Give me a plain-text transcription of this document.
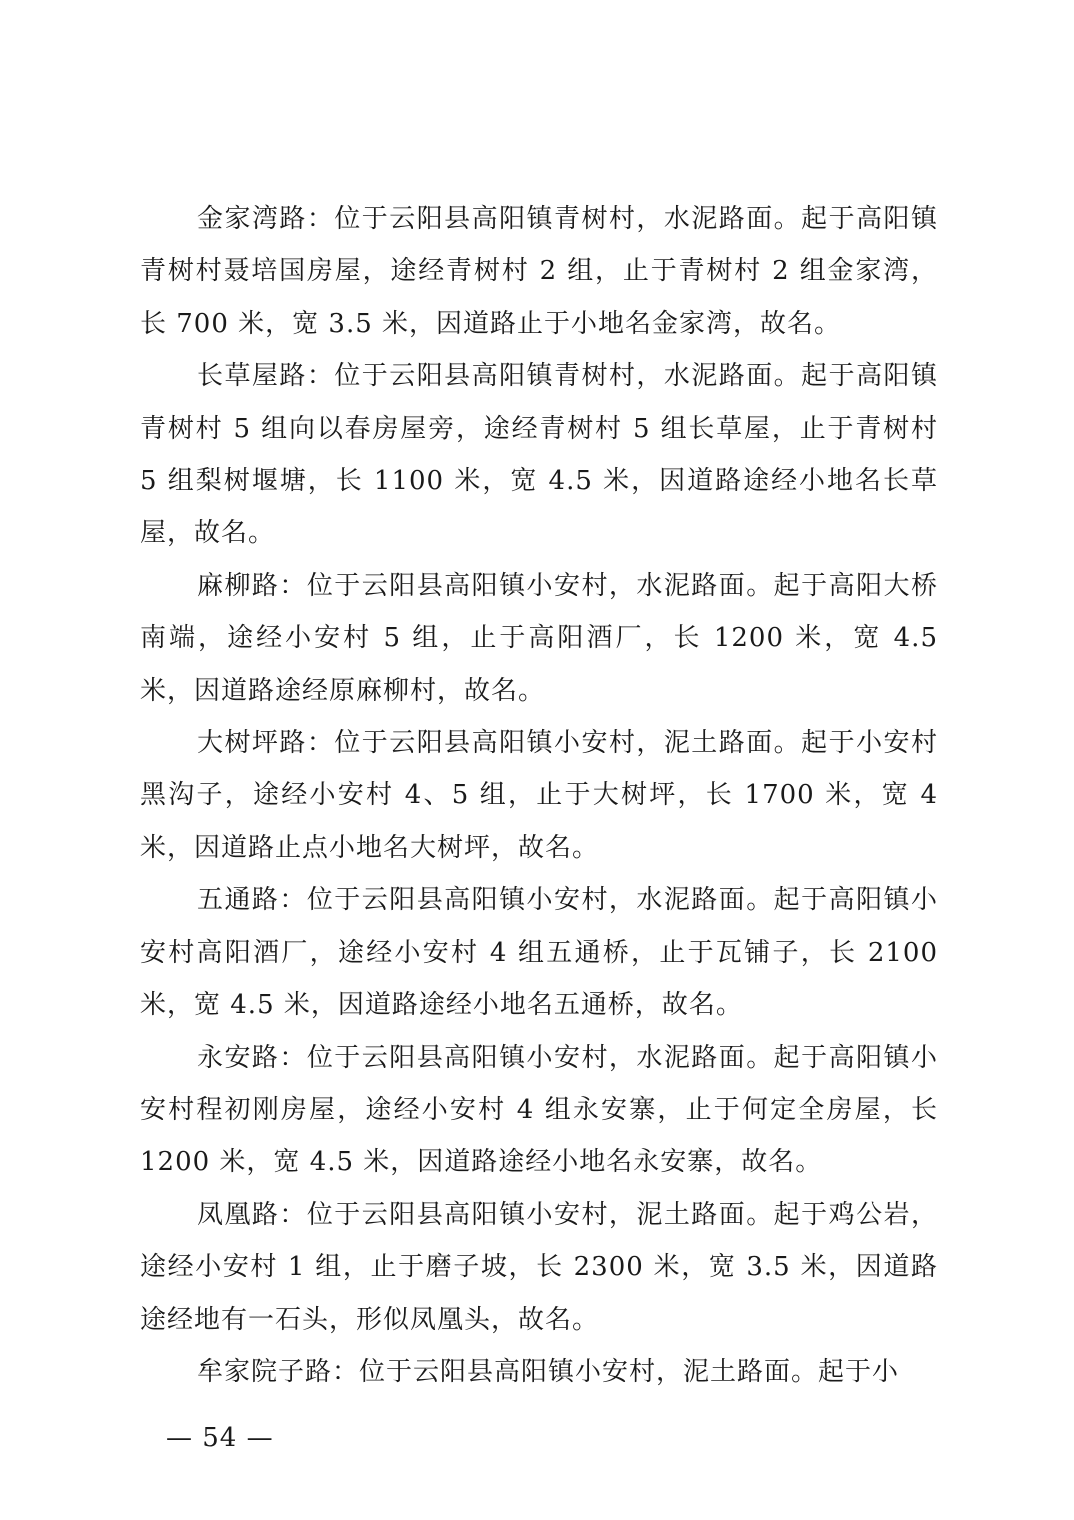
金家湾路：位于云阳县高阳镇青树村，水泥路面。起于高阳镇青树村聂培国房屋，途经青树村 2 组，止于青树村 2 组金家湾，长 700 米，宽 3.5 米，因道路止于小地名金家湾，故名。

长草屋路：位于云阳县高阳镇青树村，水泥路面。起于高阳镇青树村 5 组向以春房屋旁，途经青树村 5 组长草屋，止于青树村 5 组梨树堰塘，长 1100 米，宽 4.5 米，因道路途经小地名长草屋，故名。

麻柳路：位于云阳县高阳镇小安村，水泥路面。起于高阳大桥南端，途经小安村 5 组，止于高阳酒厂，长 1200 米，宽 4.5 米，因道路途经原麻柳村，故名。

大树坪路：位于云阳县高阳镇小安村，泥土路面。起于小安村黑沟子，途经小安村 4、5 组，止于大树坪，长 1700 米，宽 4 米，因道路止点小地名大树坪，故名。

五通路：位于云阳县高阳镇小安村，水泥路面。起于高阳镇小安村高阳酒厂，途经小安村 4 组五通桥，止于瓦铺子，长 2100 米，宽 4.5 米，因道路途经小地名五通桥，故名。

永安路：位于云阳县高阳镇小安村，水泥路面。起于高阳镇小安村程初刚房屋，途经小安村 4 组永安寨，止于何定全房屋，长 1200 米，宽 4.5 米，因道路途经小地名永安寨，故名。

凤凰路：位于云阳县高阳镇小安村，泥土路面。起于鸡公岩，途经小安村 1 组，止于磨子坡，长 2300 米，宽 3.5 米，因道路途经地有一石头，形似凤凰头，故名。

牟家院子路：位于云阳县高阳镇小安村，泥土路面。起于小

— 54 —
